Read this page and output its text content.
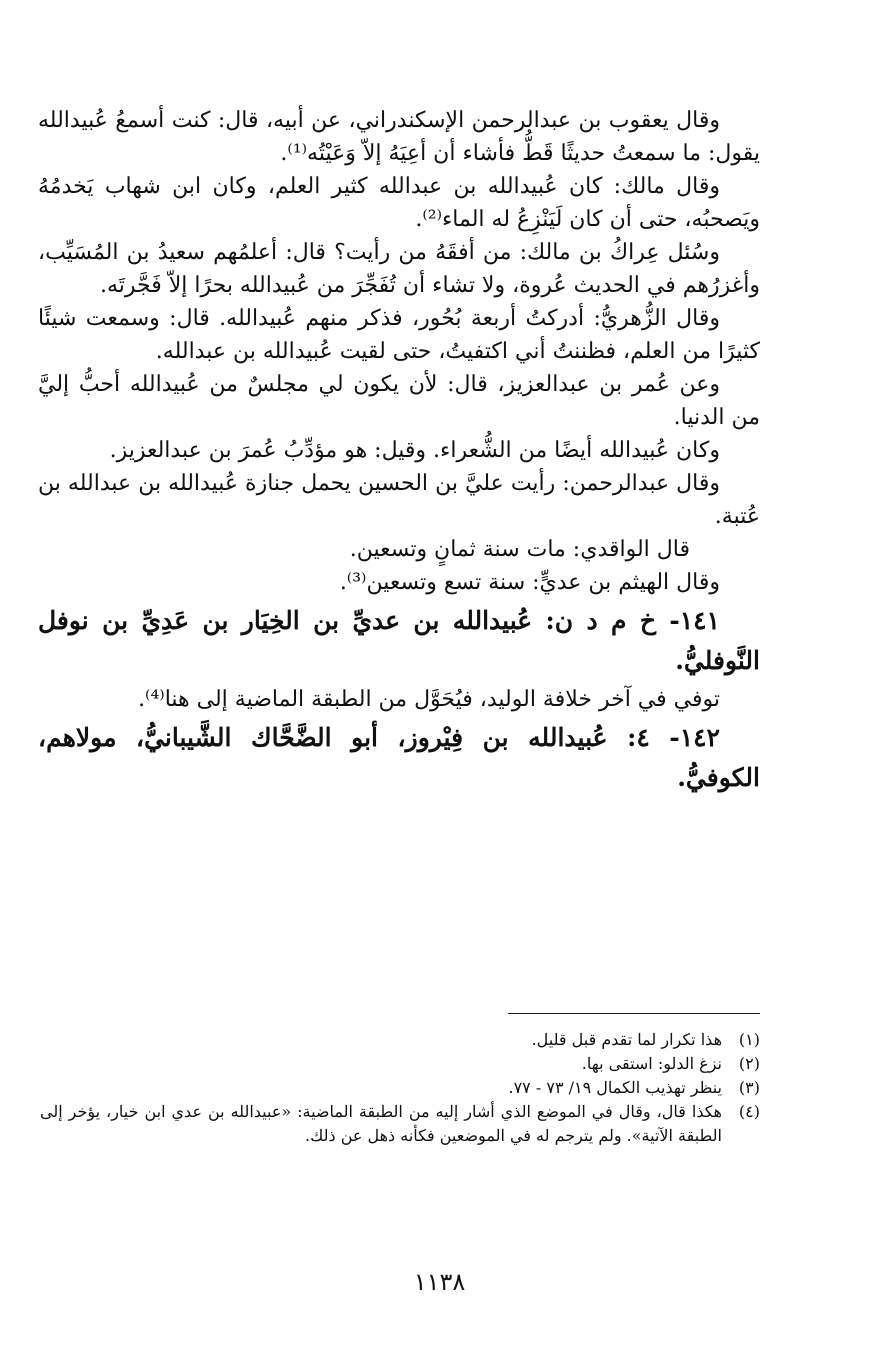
وقال يعقوب بن عبدالرحمن الإسكندراني، عن أبيه، قال: كنت أسمعُ عُبيدالله يقول: ما سمعتُ حديثًا قَطُّ فأشاء أن أعِيَهُ إلاّ وَعَيْتُه⁽¹⁾.

وقال مالك: كان عُبيدالله بن عبدالله كثير العلم، وكان ابن شهاب يَخدمُهُ ويَصحبُه، حتى أن كان لَيَنْزِعُ له الماء⁽²⁾.

وسُئل عِراكُ بن مالك: من أفقَهُ من رأيت؟ قال: أعلمُهم سعيدُ بن المُسَيِّب، وأغزرُهم في الحديث عُروة، ولا تشاء أن تُفَجِّرَ من عُبيدالله بحرًا إلاّ فَجَّرتَه.

وقال الزُّهريُّ: أدركتُ أربعة بُحُور، فذكر منهم عُبيدالله. قال: وسمعت شيئًا كثيرًا من العلم، فظننتُ أني اكتفيتُ، حتى لقيت عُبيدالله بن عبدالله.

وعن عُمر بن عبدالعزيز، قال: لأن يكون لي مجلسٌ من عُبيدالله أحبُّ إليَّ من الدنيا.

وكان عُبيدالله أيضًا من الشُّعراء. وقيل: هو مؤدِّبُ عُمرَ بن عبدالعزيز.

وقال عبدالرحمن: رأيت عليَّ بن الحسين يحمل جنازة عُبيدالله بن عبدالله بن عُتبة.

قال الواقدي: مات سنة ثمانٍ وتسعين.

وقال الهيثم بن عديٍّ: سنة تسع وتسعين⁽³⁾.

١٤١- خ م د ن: عُبيدالله بن عديِّ بن الخِيَار بن عَدِيِّ بن نوفل النَّوفليُّ.

توفي في آخر خلافة الوليد، فيُحَوَّل من الطبقة الماضية إلى هنا⁽⁴⁾.

١٤٢- ٤: عُبيدالله بن فِيْروز، أبو الضَّحَّاك الشَّيبانيُّ، مولاهم، الكوفيُّ.

(١)
هذا تكرار لما تقدم قبل قليل.
(٢)
نزغ الدلو: استقى بها.
(٣)
ينظر تهذيب الكمال ١٩/ ٧٣ - ٧٧.
(٤)
هكذا قال، وقال في الموضع الذي أشار إليه من الطبقة الماضية: «عبيدالله بن عدي ابن خيار، يؤخر إلى الطبقة الآتية». ولم يترجم له في الموضعين فكأنه ذهل عن ذلك.
١١٣٨
